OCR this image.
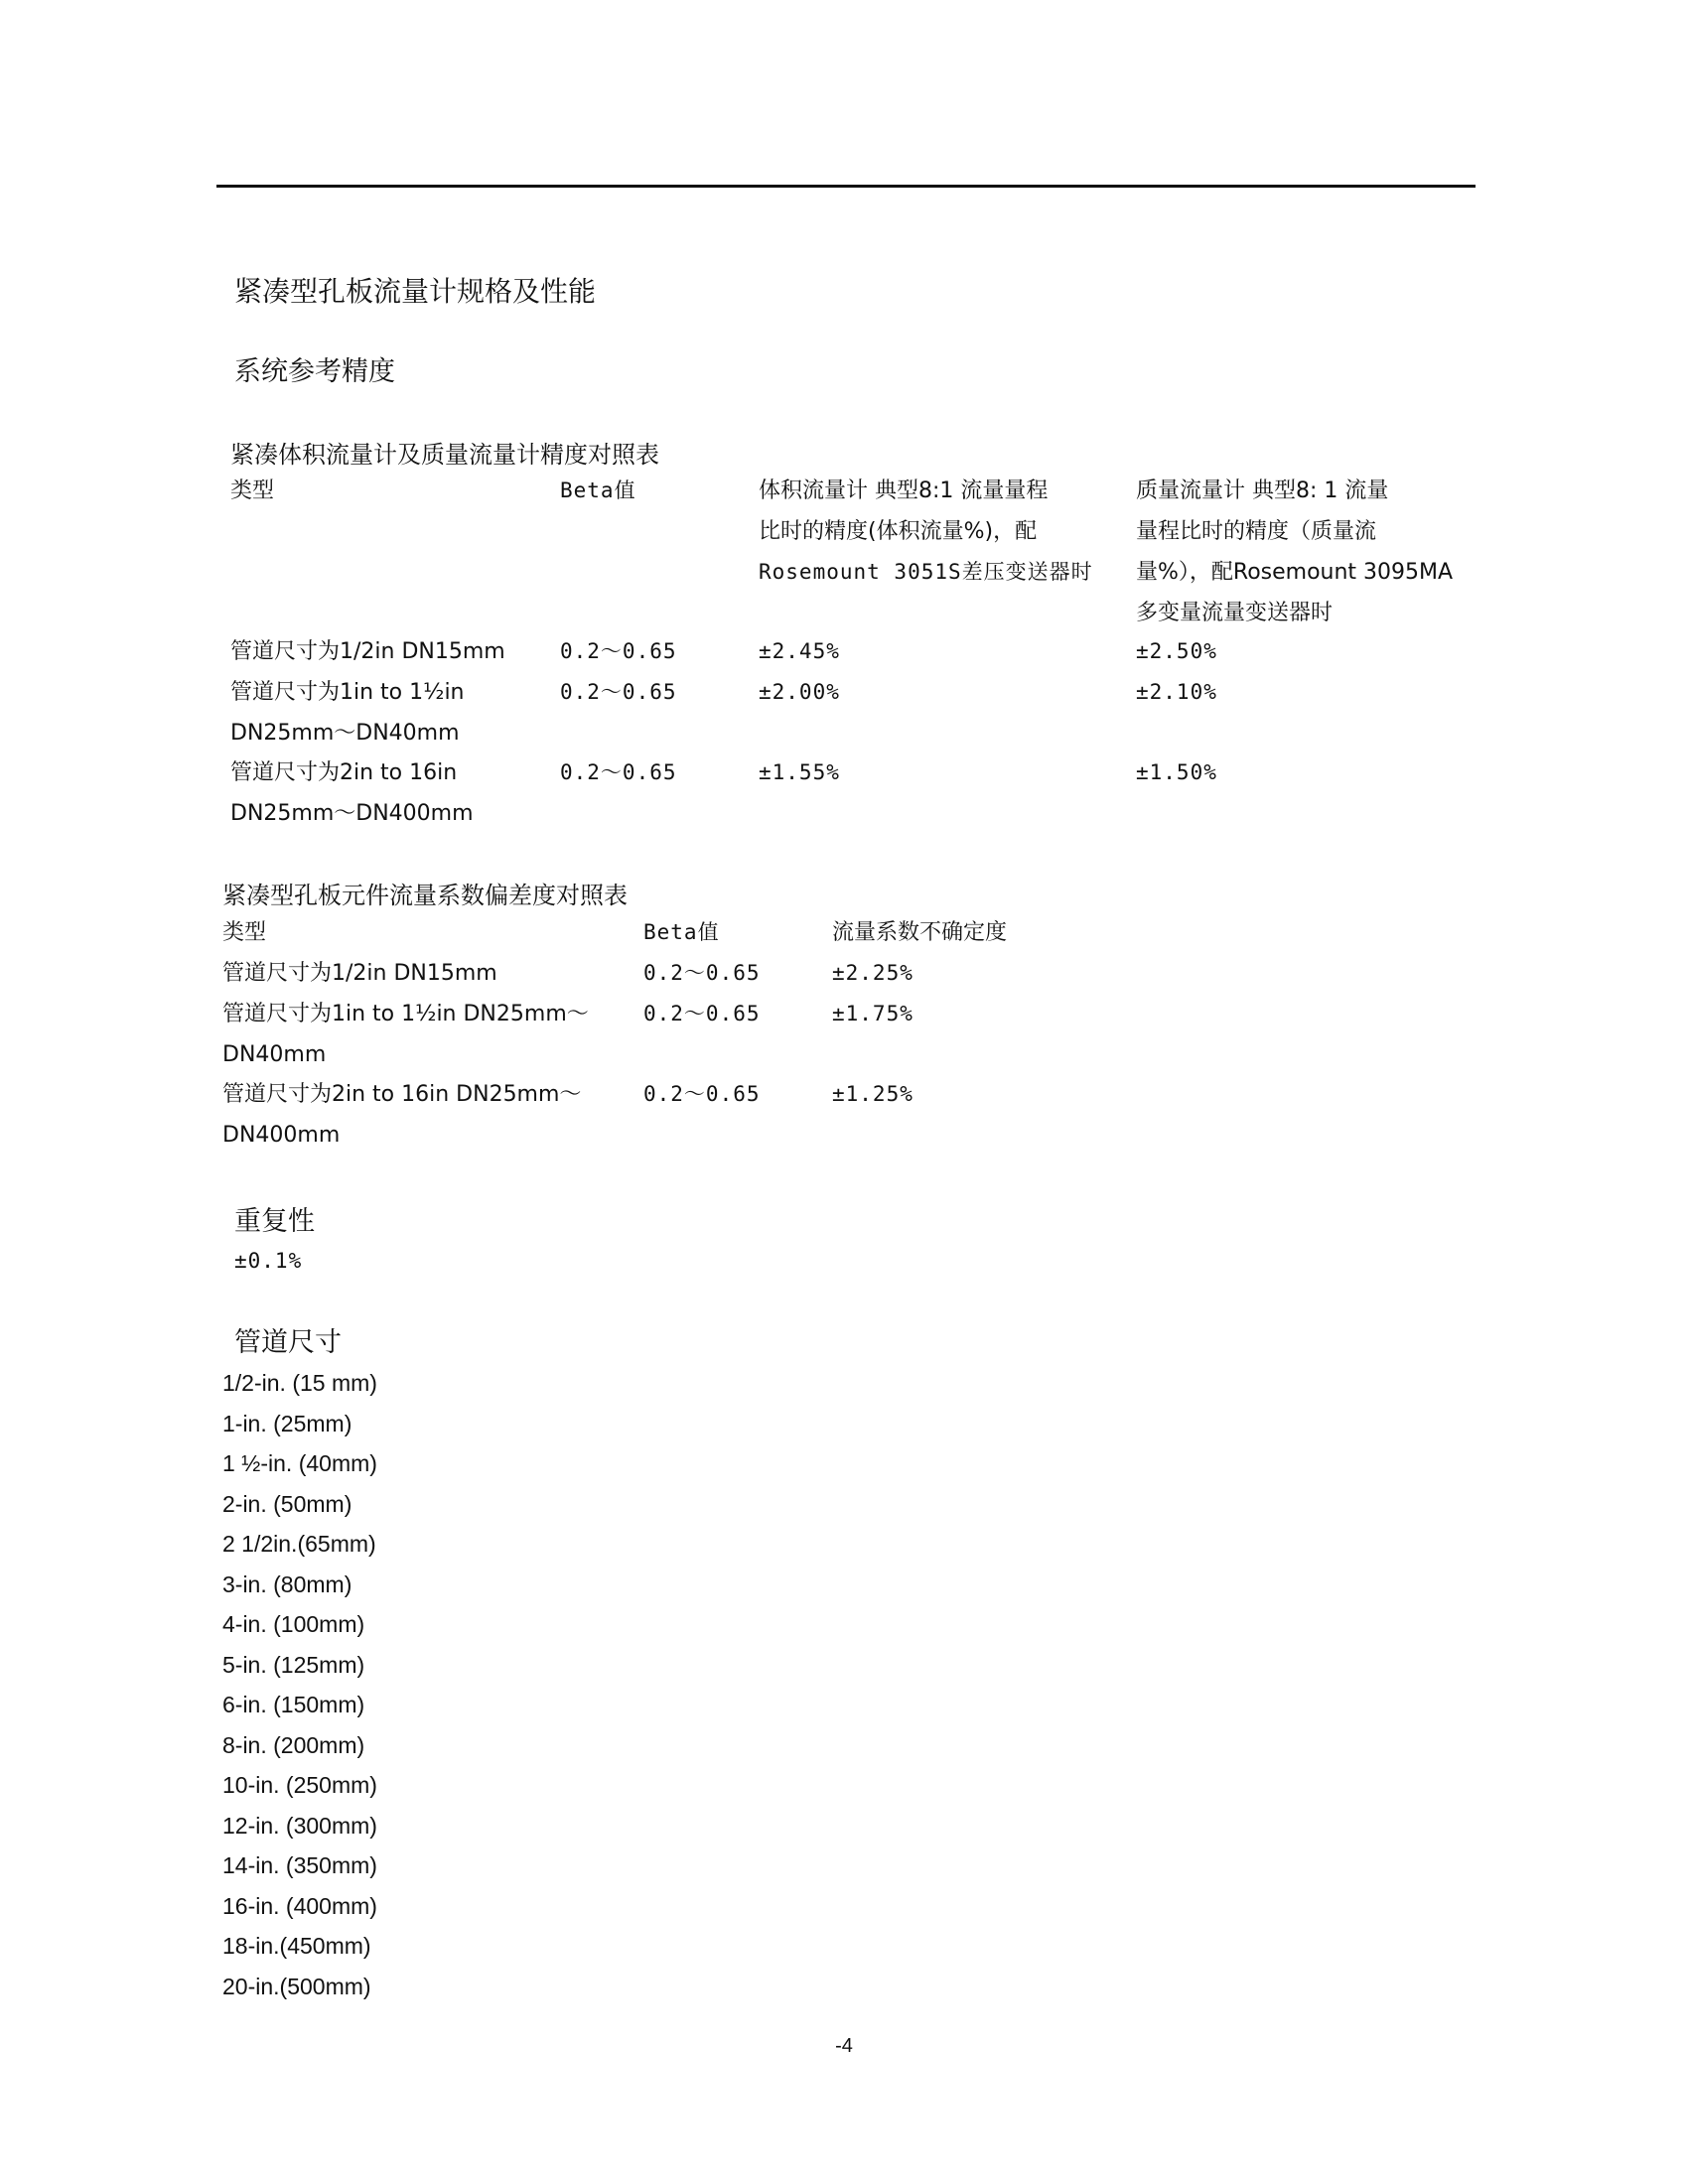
紧凑型孔板流量计规格及性能
系统参考精度
紧凑体积流量计及质量流量计精度对照表
类型	Beta值	体积流量计 典型8:1 流量量程
比时的精度(体积流量%)，配
Rosemount 3051S差压变送器时
质量流量计 典型8: 1 流量
量程比时的精度（质量流
量%），配Rosemount 3095MA
多变量流量变送器时
管道尺寸为1/2in DN15mm	0.2～0.65	±2.45%	±2.50%
管道尺寸为1in to 1½in
DN25mm～DN40mm
0.2～0.65	±2.00%	±2.10%
管道尺寸为2in to 16in
DN25mm～DN400mm
0.2～0.65	±1.55%	±1.50%
紧凑型孔板元件流量系数偏差度对照表
类型	Beta值	流量系数不确定度
管道尺寸为1/2in DN15mm	0.2～0.65	±2.25%
管道尺寸为1in to 1½in DN25mm～
DN40mm
0.2～0.65	±1.75%
管道尺寸为2in to 16in DN25mm～
DN400mm
0.2～0.65	±1.25%
重复性
±0.1%
管道尺寸
1/2-in. (15 mm)
1-in. (25mm)
1 ½-in. (40mm)
2-in. (50mm)
2 1/2in.(65mm)
3-in. (80mm)
4-in. (100mm)
5-in. (125mm)
6-in. (150mm)
8-in. (200mm)
10-in. (250mm)
12-in. (300mm)
14-in. (350mm)
16-in. (400mm)
18-in.(450mm)
20-in.(500mm)
-4
